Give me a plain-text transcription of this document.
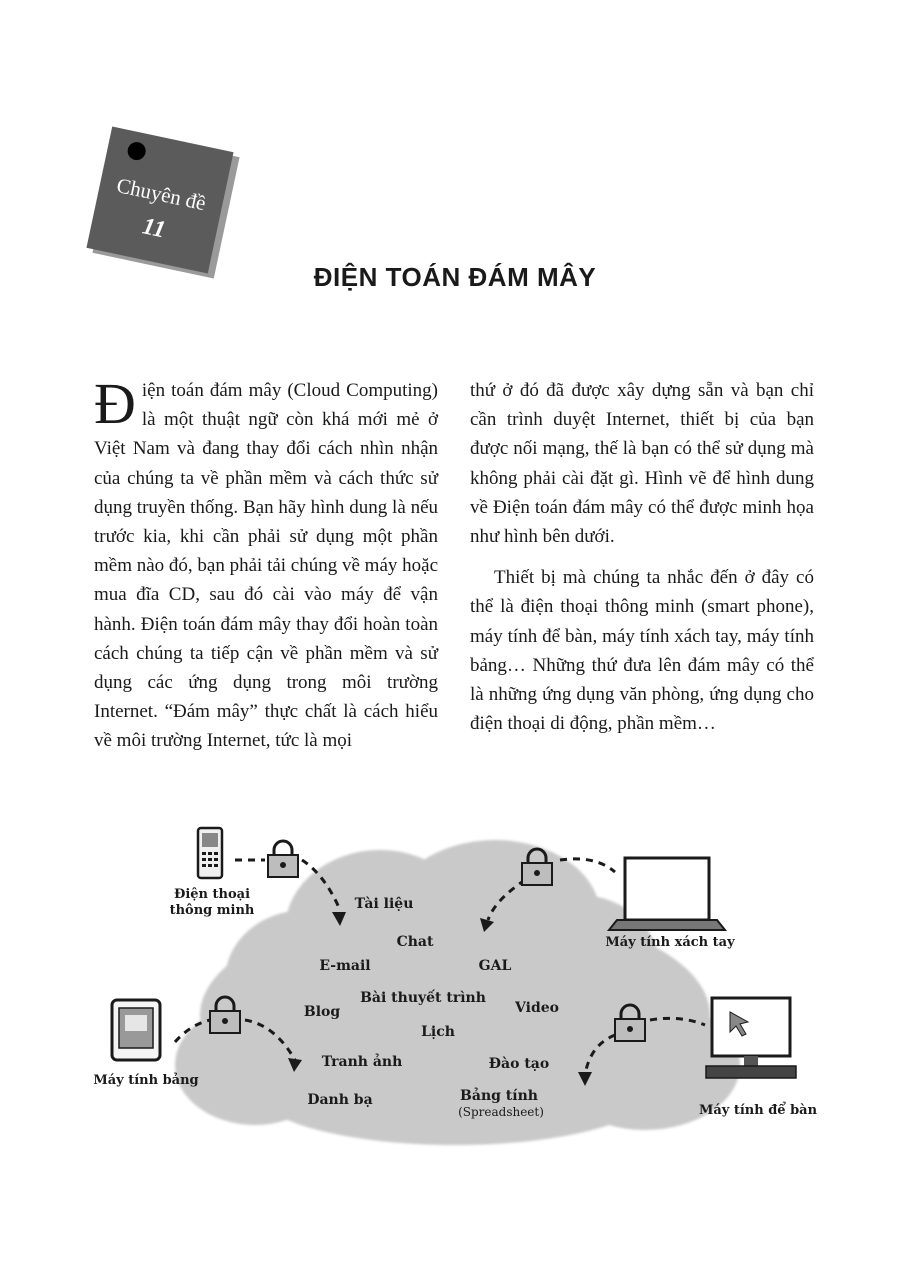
Chuyên đề
11
ĐIỆN TOÁN ĐÁM MÂY

Điện toán đám mây (Cloud Computing) là một thuật ngữ còn khá mới mẻ ở Việt Nam và đang thay đổi cách nhìn nhận của chúng ta về phần mềm và cách thức sử dụng truyền thống. Bạn hãy hình dung là nếu trước kia, khi cần phải sử dụng một phần mềm nào đó, bạn phải tải chúng về máy hoặc mua đĩa CD, sau đó cài vào máy để vận hành. Điện toán đám mây thay đổi hoàn toàn cách chúng ta tiếp cận về phần mềm và sử dụng các ứng dụng trong môi trường Internet. “Đám mây” thực chất là cách hiểu về môi trường Internet, tức là mọi

thứ ở đó đã được xây dựng sẵn và bạn chỉ cần trình duyệt Internet, thiết bị của bạn được nối mạng, thế là bạn có thể sử dụng mà không phải cài đặt gì. Hình vẽ để hình dung về Điện toán đám mây có thể được minh họa như hình bên dưới.

Thiết bị mà chúng ta nhắc đến ở đây có thể là điện thoại thông minh (smart phone), máy tính để bàn, máy tính xách tay, máy tính bảng… Những thứ đưa lên đám mây có thể là những ứng dụng văn phòng, ứng dụng cho điện thoại di động, phần mềm…

Điện thoại
thông minh
Máy tính xách tay
Máy tính bảng
Máy tính để bàn
Tài liệu
Chat
E-mail	GAL
Bài thuyết trình
Blog	Video
Lịch
Tranh ảnh	Đào tạo
Danh bạ	Bảng tính
(Spreadsheet)
